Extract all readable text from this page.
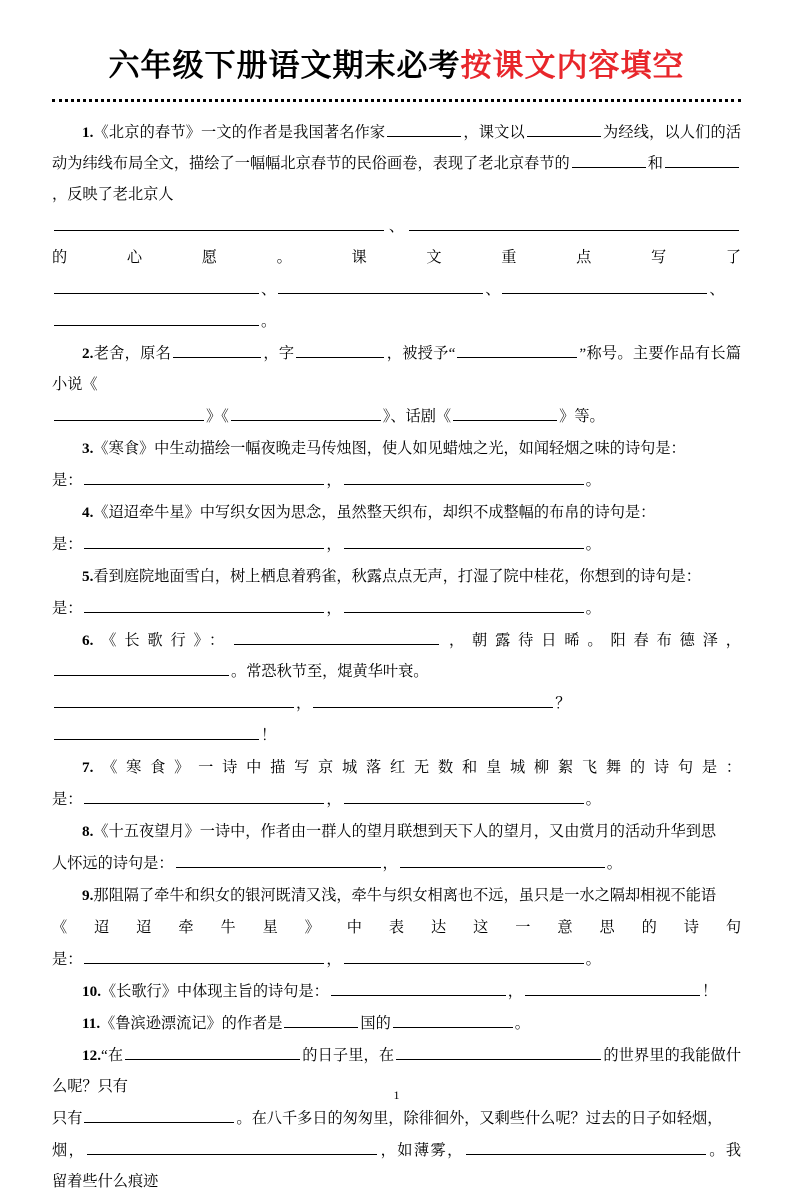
六年级下册语文期末必考按课文内容填空
1.《北京的春节》一文的作者是我国著名作家	，课文以	为经线，以人们的活动为纬线布局全文，描绘了一幅幅北京春节的民俗画卷，表现了老北京春节的	和，反映了老北京人
、的心愿。课文重点写了
、	、	、
。
2.老舍，原名	，字	，被授予“	”称号。主要作品有长篇小说《
》《	》、话剧《	》等。
3.《寒食》中生动描绘一幅夜晚走马传烛图，使人如见蜡烛之光，如闻轻烟之味的诗句是：
是：	，	。
4.《迢迢牵牛星》中写织女因为思念，虽然整天织布，却织不成整幅的布帛的诗句是：
是：	，	。
5.看到庭院地面雪白，树上栖息着鸦雀，秋露点点无声，打湿了院中桂花，你想到的诗句是：
是：	，	。
6.《长歌行》：	，朝露待日晞。阳春布德泽，。常恐秋节至，焜黄华叶衰。
，	？
！
7.《寒食》一诗中描写京城落红无数和皇城柳絮飞舞的诗句是：
是：	，	。
8.《十五夜望月》一诗中，作者由一群人的望月联想到天下人的望月，又由赏月的活动升华到思
人怀远的诗句是：	，	。
9.那阻隔了牵牛和织女的银河既清又浅，牵牛与织女相离也不远，虽只是一水之隔却相视不能语
《迢迢牵牛星》中表达这一意思的诗句
是：	，	。
10.《长歌行》中体现主旨的诗句是：	，	！
11.《鲁滨逊漂流记》的作者是	国的	。
12.“在	的日子里，在	的世界里的我能做什么呢？只有
只有	。在八千多日的匆匆里，除徘徊外，又剩些什么呢？过去的日子如轻烟，
烟，	，如薄雾，	。我留着些什么痕迹
1
